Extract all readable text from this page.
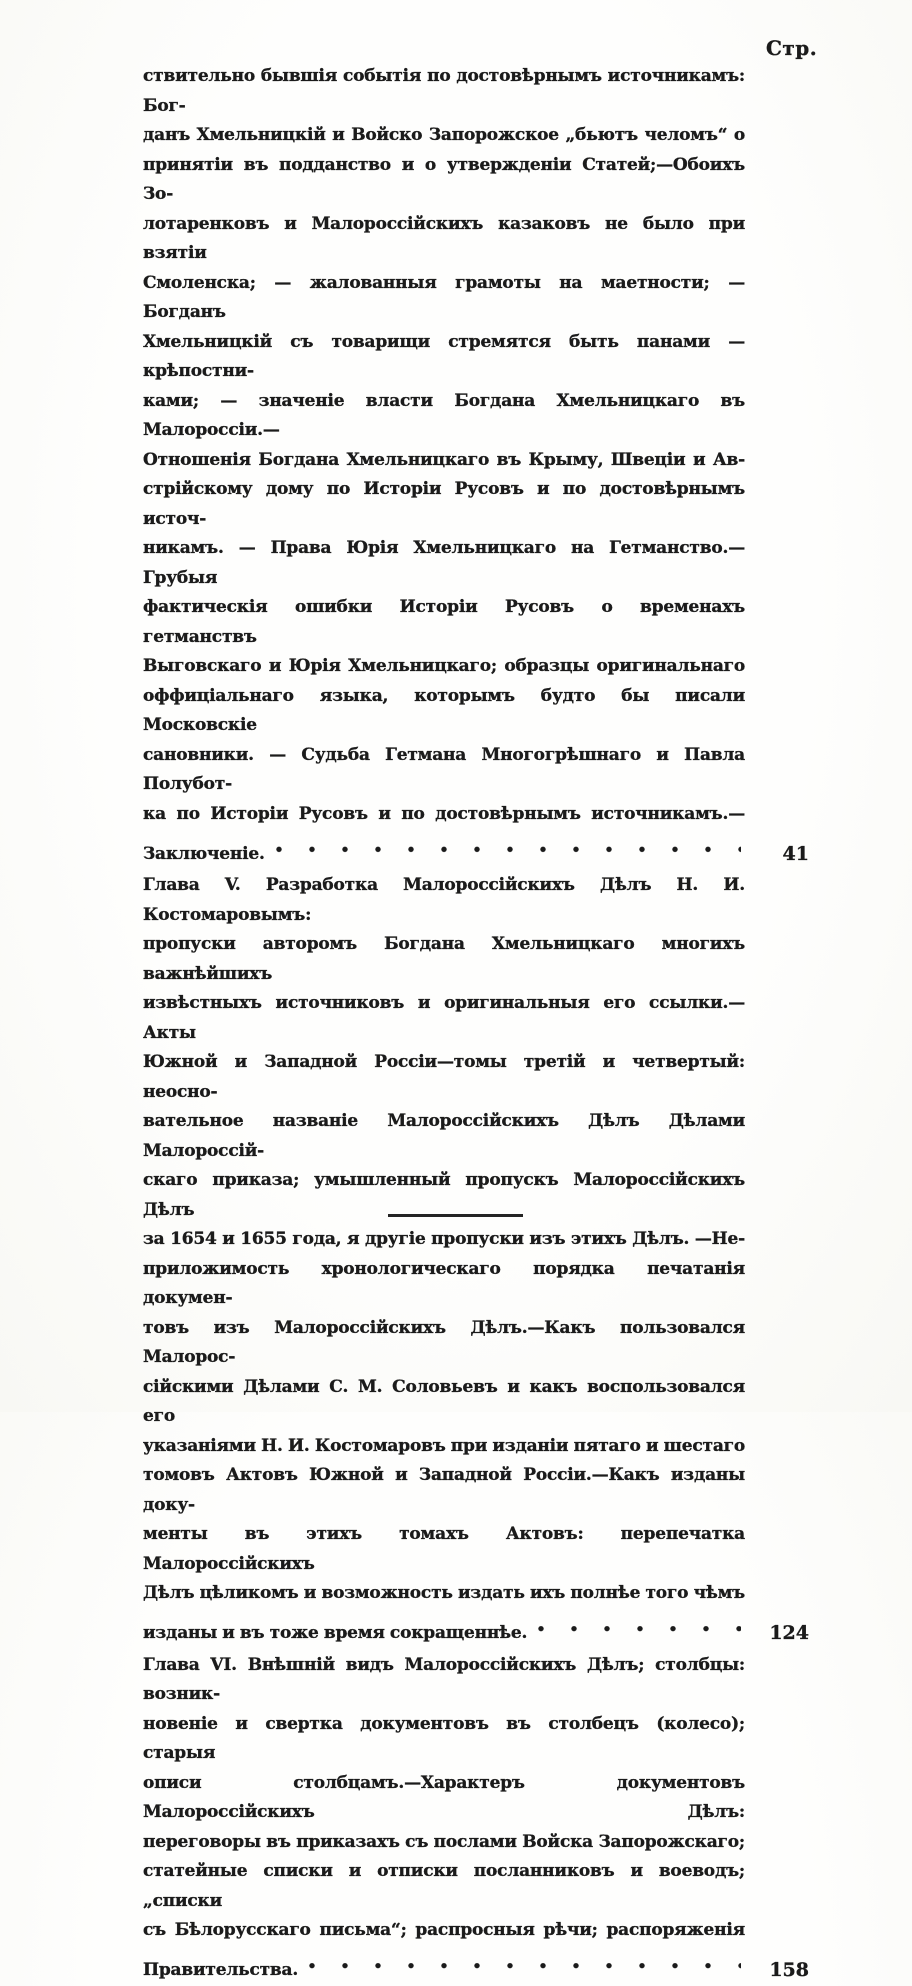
Стр.
ствительно бывшія событія по достовѣрнымъ источникамъ: Бог-
данъ Хмельницкій и Войско Запорожское „бьютъ челомъ“ о
принятіи въ подданство и о утвержденіи Статей;—Обоихъ Зо-
лотаренковъ и Малороссійскихъ казаковъ не было при взятіи
Смоленска; — жалованныя грамоты на маетности; — Богданъ
Хмельницкій съ товарищи стремятся быть панами — крѣпостни-
ками; — значеніе власти Богдана Хмельницкаго въ Малороссіи.—
Отношенія Богдана Хмельницкаго въ Крыму, Швеціи и Ав-
стрійскому дому по Исторіи Русовъ и по достовѣрнымъ источ-
никамъ. — Права Юрія Хмельницкаго на Гетманство.—Грубыя
фактическія ошибки Исторіи Русовъ о временахъ гетманствъ
Выговскаго и Юрія Хмельницкаго; образцы оригинальнаго
оффиціальнаго языка, которымъ будто бы писали Московскіе
сановники. — Судьба Гетмана Многогрѣшнаго и Павла Полубот-
ка по Исторіи Русовъ и по достовѣрнымъ источникамъ.—
Заключеніе.	41
Глава V. Разработка Малороссійскихъ Дѣлъ Н. И. Костомаровымъ:
пропуски авторомъ Богдана Хмельницкаго многихъ важнѣйшихъ
извѣстныхъ источниковъ и оригинальныя его ссылки.—Акты
Южной и Западной Россіи—томы третій и четвертый: неосно-
вательное названіе Малороссійскихъ Дѣлъ Дѣлами Малороссій-
скаго приказа; умышленный пропускъ Малороссійскихъ Дѣлъ
за 1654 и 1655 года, я другіе пропуски изъ этихъ Дѣлъ. —Не-
приложимость хронологическаго порядка печатанія докумен-
товъ изъ Малороссійскихъ Дѣлъ.—Какъ пользовался Малорос-
сійскими Дѣлами С. М. Соловьевъ и какъ воспользовался его
указаніями Н. И. Костомаровъ при изданіи пятаго и шестаго
томовъ Актовъ Южной и Западной Россіи.—Какъ изданы доку-
менты въ этихъ томахъ Актовъ: перепечатка Малороссійскихъ
Дѣлъ цѣликомъ и возможность издать ихъ полнѣе того чѣмъ
изданы и въ тоже время сокращеннѣе.	124
Глава VI. Внѣшній видъ Малороссійскихъ Дѣлъ; столбцы: возник-
новеніе и свертка документовъ въ столбецъ (колесо); старыя
описи столбцамъ.—Характеръ документовъ Малороссійскихъ Дѣлъ:
переговоры въ приказахъ съ послами Войска Запорожскаго;
статейные списки и отписки посланниковъ и воеводъ; „списки
съ Бѣлорусскаго письма“; распросныя рѣчи; распоряженія
Правительства.	158
